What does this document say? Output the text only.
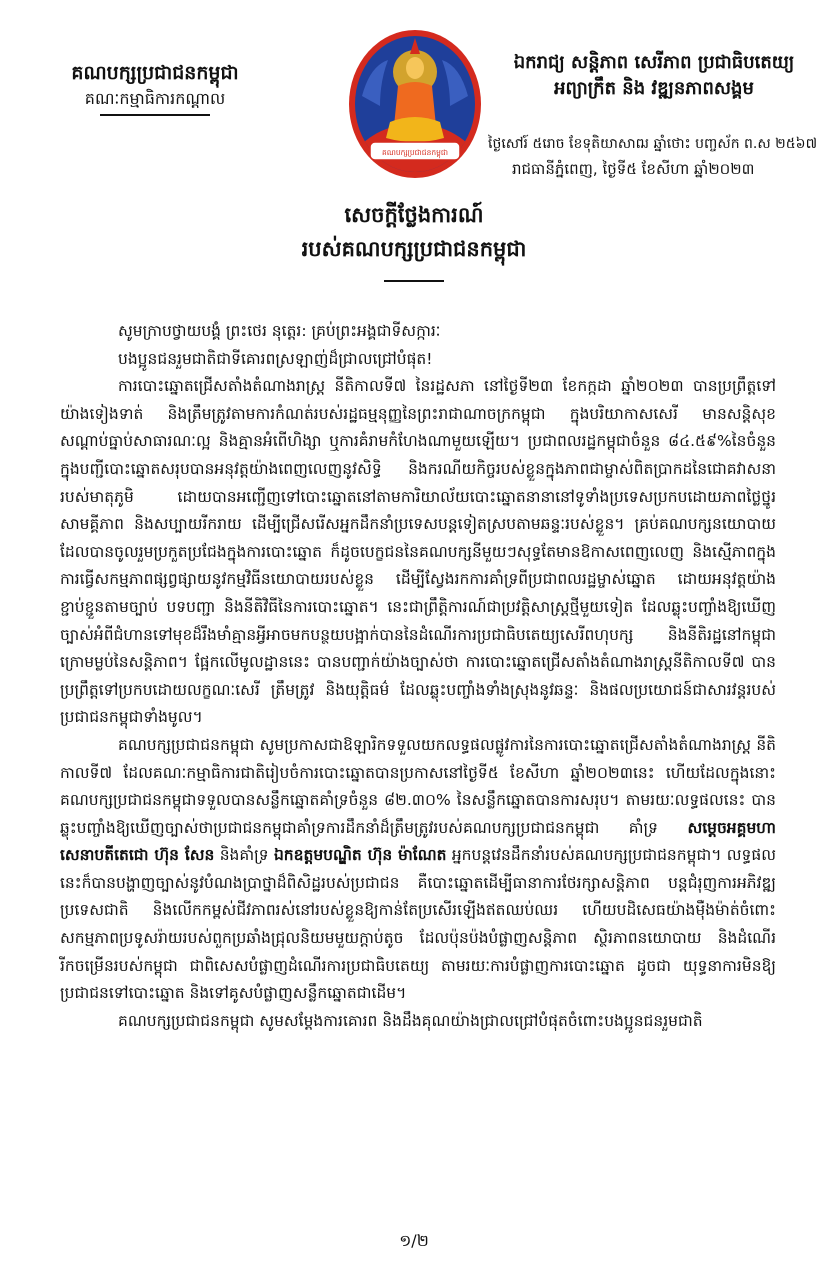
គណបក្សប្រជាជនកម្ពុជា
គណៈកម្មាធិការកណ្តាល
គណបក្សប្រជាជនកម្ពុជា
ឯករាជ្យ សន្តិភាព សេរីភាព ប្រជាធិបតេយ្យ
អព្យាក្រឹត និង វឌ្ឍនភាពសង្គម
ថ្ងៃសៅរ៍ ៥រោច ខែទុតិយាសាឍ ឆ្នាំថោះ បញ្ចស័ក ព.ស ២៥៦៧
រាជធានីភ្នំពេញ, ថ្ងៃទី៥ ខែសីហា ឆ្នាំ២០២៣
សេចក្តីថ្លែងការណ៍
របស់គណបក្សប្រជាជនកម្ពុជា

សូមក្រាបថ្វាយបង្គំ ព្រះថេរ នុត្តេរ: គ្រប់ព្រះអង្គជាទីសក្ការៈ

បងប្អូនជនរួមជាតិជាទីគោរពស្រឡាញ់ដ៏ជ្រាលជ្រៅបំផុត!

ការបោះឆ្នោតជ្រើសតាំងតំណាងរាស្ត្រ នីតិកាលទី៧ នៃរដ្ឋសភា នៅថ្ងៃទី២៣ ខែកក្កដា ឆ្នាំ២០២៣ បានប្រព្រឹត្តទៅយ៉ាងទៀងទាត់ និងត្រឹមត្រូវតាមការកំណត់របស់រដ្ឋធម្មនុញ្ញនៃព្រះរាជាណាចក្រកម្ពុជា ក្នុងបរិយាកាសសេរី មានសន្តិសុខ សណ្តាប់ធ្នាប់សាធារណៈល្អ និងគ្មានអំពើហិង្សា ឬការគំរាមកំហែងណាមួយឡើយ។ ប្រជាពលរដ្ឋកម្ពុជាចំនួន ៨៤.៥៩%នៃចំនួនក្នុងបញ្ជីបោះឆ្នោតសរុបបានអនុវត្តយ៉ាងពេញលេញនូវសិទ្ធិ និងករណីយកិច្ចរបស់ខ្លួនក្នុងភាពជាម្ចាស់ពិតប្រាកដនៃជោគវាសនារបស់មាតុភូមិ ដោយបានអញ្ជើញទៅបោះឆ្នោតនៅតាមការិយាល័យបោះឆ្នោតនានានៅទូទាំងប្រទេសប្រកបដោយភាពថ្លៃថ្នូរ សាមគ្គីភាព និងសប្បាយរីករាយ ដើម្បីជ្រើសរើសអ្នកដឹកនាំប្រទេសបន្តទៀតស្របតាមឆន្ទៈរបស់ខ្លួន។ គ្រប់គណបក្សនយោបាយដែលបានចូលរួមប្រកួតប្រជែងក្នុងការបោះឆ្នោត ក៏ដូចបេក្ខជននៃគណបក្សនីមួយៗសុទ្ធតែមានឱកាសពេញលេញ និងស្មើភាពក្នុងការធ្វើសកម្មភាពផ្សព្វផ្សាយនូវកម្មវិធីនយោបាយរបស់ខ្លួន ដើម្បីស្វែងរកការគាំទ្រពីប្រជាពលរដ្ឋម្ចាស់ឆ្នោត ដោយអនុវត្តយ៉ាងខ្ជាប់ខ្ជួនតាមច្បាប់ បទបញ្ជា និងនីតិវិធីនៃការបោះឆ្នោត។ នេះជាព្រឹត្តិការណ៍ជាប្រវត្តិសាស្ត្រថ្មីមួយទៀត ដែលឆ្លុះបញ្ចាំងឱ្យឃើញច្បាស់អំពីជំហានទៅមុខដ៏រឹងមាំគ្មានអ្វីអាចមកបន្ថយបង្អាក់បាននៃដំណើរការប្រជាធិបតេយ្យសេរីពហុបក្ស និងនីតិរដ្ឋនៅកម្ពុជាក្រោមម្លប់នៃសន្តិភាព។ ផ្អែកលើមូលដ្ឋាននេះ បានបញ្ជាក់យ៉ាងច្បាស់ថា ការបោះឆ្នោតជ្រើសតាំងតំណាងរាស្ត្រនីតិកាលទី៧ បានប្រព្រឹត្តទៅប្រកបដោយលក្ខណៈសេរី ត្រឹមត្រូវ និងយុត្តិធម៌ ដែលឆ្លុះបញ្ចាំងទាំងស្រុងនូវឆន្ទៈ និងផលប្រយោជន៍ជាសារវន្តរបស់ប្រជាជនកម្ពុជាទាំងមូល។

គណបក្សប្រជាជនកម្ពុជា សូមប្រកាសជាឱឡារិកទទួលយកលទ្ធផលផ្លូវការនៃការបោះឆ្នោតជ្រើសតាំងតំណាងរាស្ត្រ នីតិកាលទី៧ ដែលគណៈកម្មាធិការជាតិរៀបចំការបោះឆ្នោតបានប្រកាសនៅថ្ងៃទី៥ ខែសីហា ឆ្នាំ២០២៣នេះ ហើយដែលក្នុងនោះ គណបក្សប្រជាជនកម្ពុជាទទួលបានសន្លឹកឆ្នោតគាំទ្រចំនួន ៨២.៣០% នៃសន្លឹកឆ្នោតបានការសរុប។ តាមរយៈលទ្ធផលនេះ បានឆ្លុះបញ្ចាំងឱ្យឃើញច្បាស់ថាប្រជាជនកម្ពុជាគាំទ្រការដឹកនាំដ៏ត្រឹមត្រូវរបស់គណបក្សប្រជាជនកម្ពុជា គាំទ្រ សម្តេចអគ្គមហាសេនាបតីតេជោ ហ៊ុន សែន និងគាំទ្រ ឯកឧត្តមបណ្ឌិត ហ៊ុន ម៉ាណែត អ្នកបន្តវេនដឹកនាំរបស់គណបក្សប្រជាជនកម្ពុជា។ លទ្ធផលនេះក៏បានបង្ហាញច្បាស់នូវបំណងប្រាថ្នាដ៏ពិសិដ្ឋរបស់ប្រជាជន គឺបោះឆ្នោតដើម្បីធានាការថែរក្សាសន្តិភាព បន្តជំរុញការអភិវឌ្ឍប្រទេសជាតិ និងលើកកម្ពស់ជីវភាពរស់នៅរបស់ខ្លួនឱ្យកាន់តែប្រសើរឡើងឥតឈប់ឈរ ហើយបដិសេធយ៉ាងម៉ឺងម៉ាត់ចំពោះសកម្មភាពប្រទូសរ៉ាយរបស់ពួកប្រឆាំងជ្រុលនិយមមួយក្តាប់តូច ដែលប៉ុនប៉ងបំផ្លាញសន្តិភាព ស្ថិរភាពនយោបាយ និងដំណើររីកចម្រើនរបស់កម្ពុជា ជាពិសេសបំផ្លាញដំណើរការប្រជាធិបតេយ្យ តាមរយៈការបំផ្លាញការបោះឆ្នោត ដូចជា យុទ្ធនាការមិនឱ្យប្រជាជនទៅបោះឆ្នោត និងទៅគូសបំផ្លាញសន្លឹកឆ្នោតជាដើម។

គណបក្សប្រជាជនកម្ពុជា សូមសម្តែងការគោរព និងដឹងគុណយ៉ាងជ្រាលជ្រៅបំផុតចំពោះបងប្អូនជនរួមជាតិ

១/២
